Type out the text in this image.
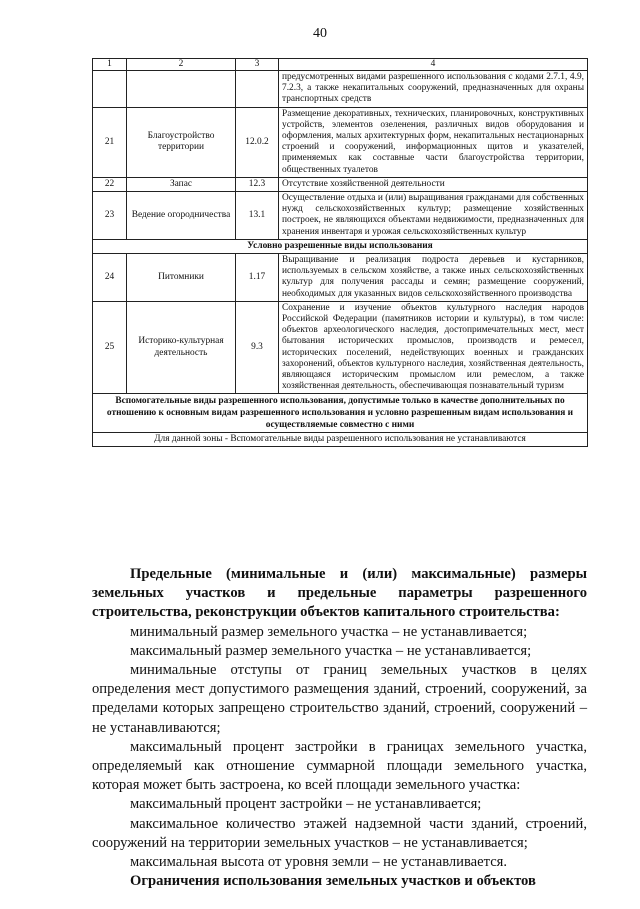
40
1	2	3	4
			предусмотренных видами разрешенного использования с кодами 2.7.1, 4.9, 7.2.3, а также некапитальных сооружений, предназначенных для охраны транспортных средств
21	Благоустройство территории	12.0.2	Размещение декоративных, технических, планировочных, конструктивных устройств, элементов озеленения, различных видов оборудования и оформления, малых архитектурных форм, некапитальных нестационарных строений и сооружений, информационных щитов и указателей, применяемых как составные части благоустройства территории, общественных туалетов
22	Запас	12.3	Отсутствие хозяйственной деятельности
23	Ведение огородничества	13.1	Осуществление отдыха и (или) выращивания гражданами для собственных нужд сельскохозяйственных культур; размещение хозяйственных построек, не являющихся объектами недвижимости, предназначенных для хранения инвентаря и урожая сельскохозяйственных культур
Условно разрешенные виды использования			
24	Питомники	1.17	Выращивание и реализация подроста деревьев и кустарников, используемых в сельском хозяйстве, а также иных сельскохозяйственных культур для получения рассады и семян; размещение сооружений, необходимых для указанных видов сельскохозяйственного производства
25	Историко-культурная деятельность	9.3	Сохранение и изучение объектов культурного наследия народов Российской Федерации (памятников истории и культуры), в том числе: объектов археологического наследия, достопримечательных мест, мест бытования исторических промыслов, производств и ремесел, исторических поселений, недействующих военных и гражданских захоронений, объектов культурного наследия, хозяйственная деятельность, являющаяся историческим промыслом или ремеслом, а также хозяйственная деятельность, обеспечивающая познавательный туризм
Вспомогательные виды разрешенного использования, допустимые только в качестве дополнительных по отношению к основным видам разрешенного использования и условно разрешенным видам использования и осуществляемые совместно с ними			
Для данной зоны - Вспомогательные виды разрешенного использования не устанавливаются			

Предельные (минимальные и (или) максимальные) размеры земельных участков и предельные параметры разрешенного строительства, реконструкции объектов капитального строительства:

минимальный размер земельного участка – не устанавливается;

максимальный размер земельного участка – не устанавливается;

минимальные отступы от границ земельных участков в целях определения мест допустимого размещения зданий, строений, сооружений, за пределами которых запрещено строительство зданий, строений, сооружений – не устанавливаются;

максимальный процент застройки в границах земельного участка, определяемый как отношение суммарной площади земельного участка, которая может быть застроена, ко всей площади земельного участка:

максимальный процент застройки – не устанавливается;

максимальное количество этажей надземной части зданий, строений, сооружений на территории земельных участков – не устанавливается;

максимальная высота от уровня земли – не устанавливается.

Ограничения использования земельных участков и объектов
